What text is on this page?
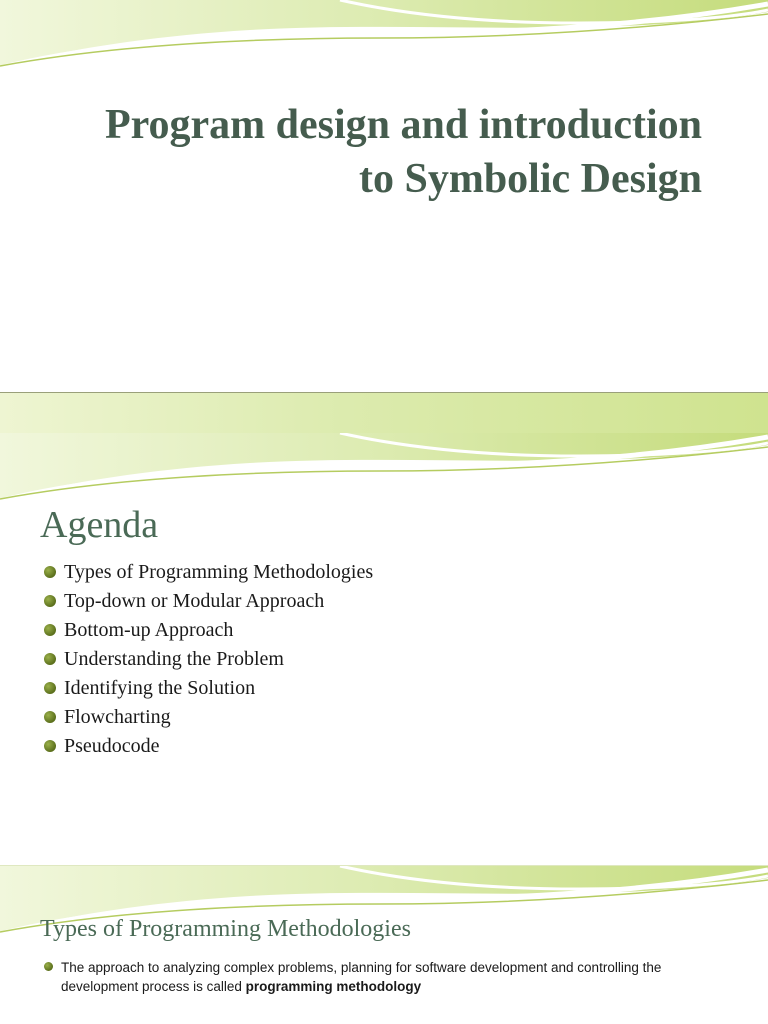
Program design and introduction
to Symbolic Design
Agenda
Types of Programming Methodologies
Top-down or Modular Approach
Bottom-up Approach
Understanding the Problem
Identifying the Solution
Flowcharting
Pseudocode
Types of Programming Methodologies
The approach to analyzing complex problems, planning for software development and controlling the development process is called programming methodology
